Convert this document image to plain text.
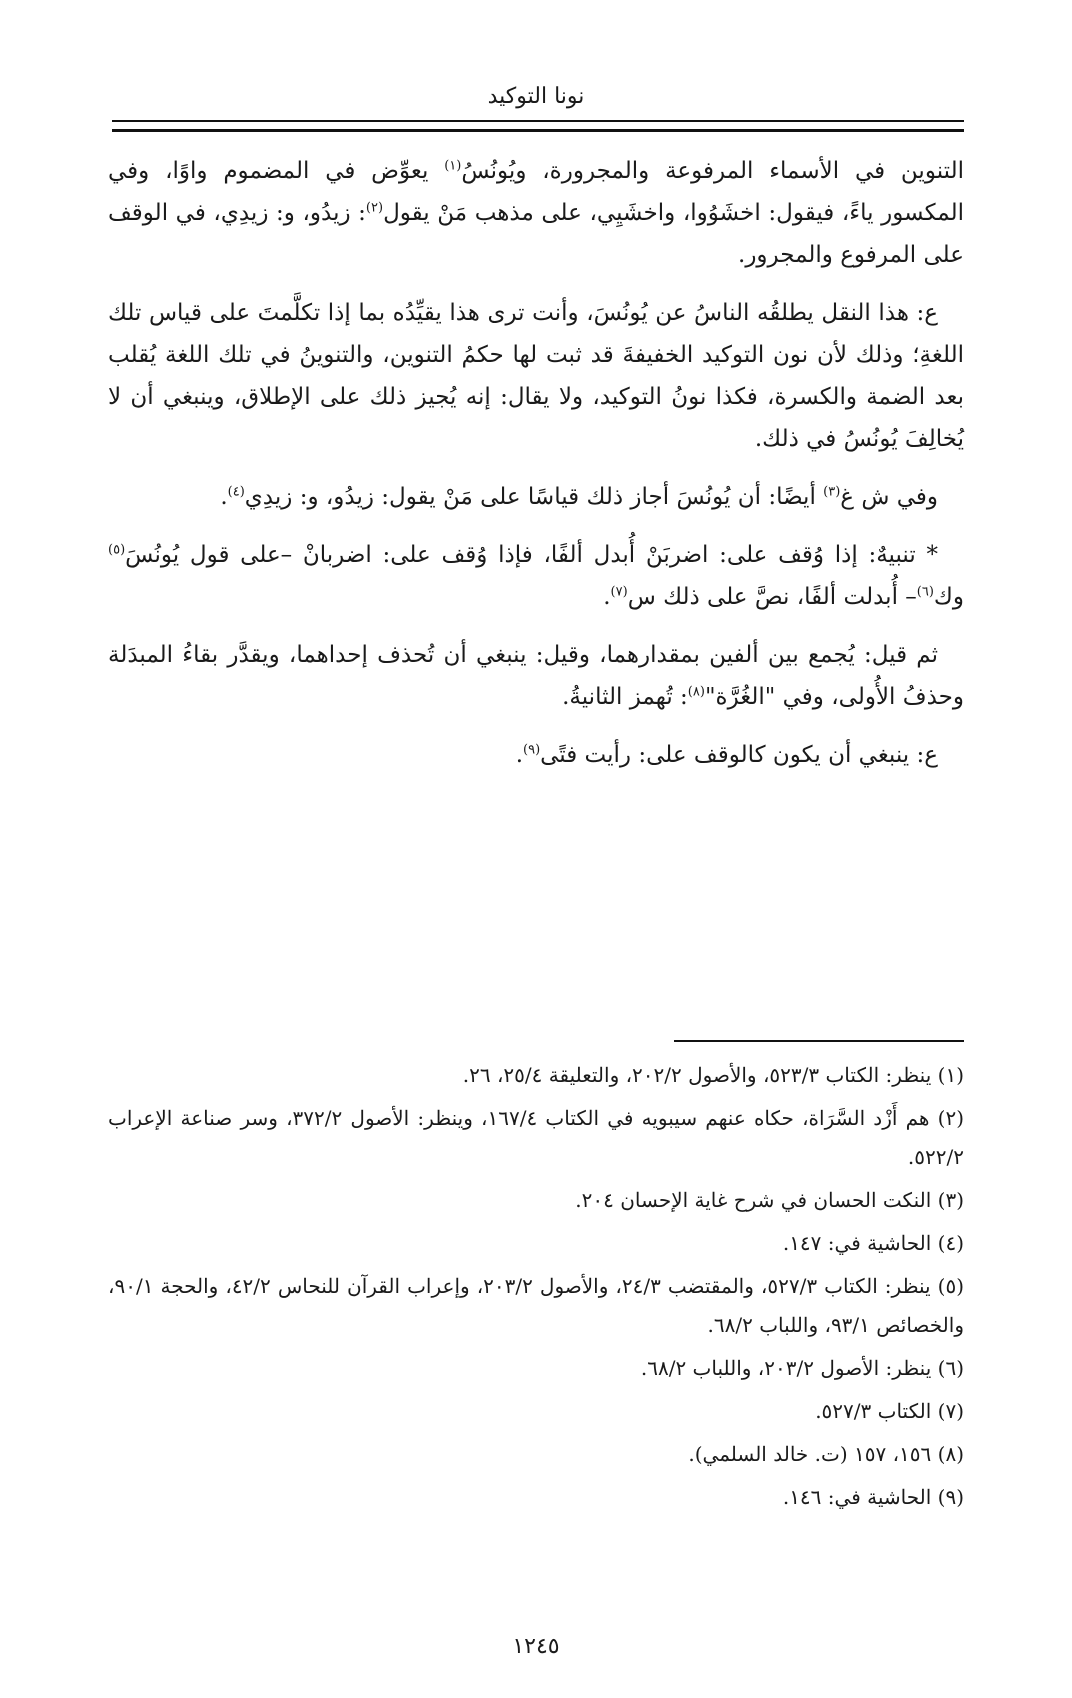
نونا التوكيد

التنوين في الأسماء المرفوعة والمجرورة، ويُونُسُ$^{(١)}$ يعوِّض في المضموم واوًا، وفي المكسور ياءً، فيقول: اخشَوُوا، واخشَيِي، على مذهب مَنْ يقول$^{(٢)}$: زيدُو، و: زيدِي، في الوقف على المرفوع والمجرور.

ع: هذا النقل يطلقُه الناسُ عن يُونُسَ، وأنت ترى هذا يقيِّدُه بما إذا تكلَّمتَ على قياس تلك اللغةِ؛ وذلك لأن نون التوكيد الخفيفةَ قد ثبت لها حكمُ التنوين، والتنوينُ في تلك اللغة يُقلب بعد الضمة والكسرة، فكذا نونُ التوكيد، ولا يقال: إنه يُجيز ذلك على الإطلاق، وينبغي أن لا يُخالِفَ يُونُسُ في ذلك.

وفي ش غ$^{(٣)}$ أيضًا: أن يُونُسَ أجاز ذلك قياسًا على مَنْ يقول: زيدُو، و: زيدِي$^{(٤)}$.

* تنبيهٌ: إذا وُقف على: اضربَنْ أُبدل ألفًا، فإذا وُقف على: اضربانْ –على قول يُونُسَ$^{(٥)}$ وك$^{(٦)}$– أُبدلت ألفًا، نصَّ على ذلك س$^{(٧)}$.

ثم قيل: يُجمع بين ألفين بمقدارهما، وقيل: ينبغي أن تُحذف إحداهما، ويقدَّر بقاءُ المبدَلة وحذفُ الأُولى، وفي "الغُرَّة"$^{(٨)}$: تُهمز الثانيةُ.

ع: ينبغي أن يكون كالوقف على: رأيت فتًى$^{(٩)}$.

(١) ينظر: الكتاب ٥٢٣/٣، والأصول ٢٠٢/٢، والتعليقة ٢٥/٤، ٢٦.
(٢) هم أَزْد السَّرَاة، حكاه عنهم سيبويه في الكتاب ١٦٧/٤، وينظر: الأصول ٣٧٢/٢، وسر صناعة الإعراب ٥٢٢/٢.
(٣) النكت الحسان في شرح غاية الإحسان ٢٠٤.
(٤) الحاشية في: ١٤٧.
(٥) ينظر: الكتاب ٥٢٧/٣، والمقتضب ٢٤/٣، والأصول ٢٠٣/٢، وإعراب القرآن للنحاس ٤٢/٢، والحجة ٩٠/١، والخصائص ٩٣/١، واللباب ٦٨/٢.
(٦) ينظر: الأصول ٢٠٣/٢، واللباب ٦٨/٢.
(٧) الكتاب ٥٢٧/٣.
(٨) ١٥٦، ١٥٧ (ت. خالد السلمي).
(٩) الحاشية في: ١٤٦.
١٢٤٥
